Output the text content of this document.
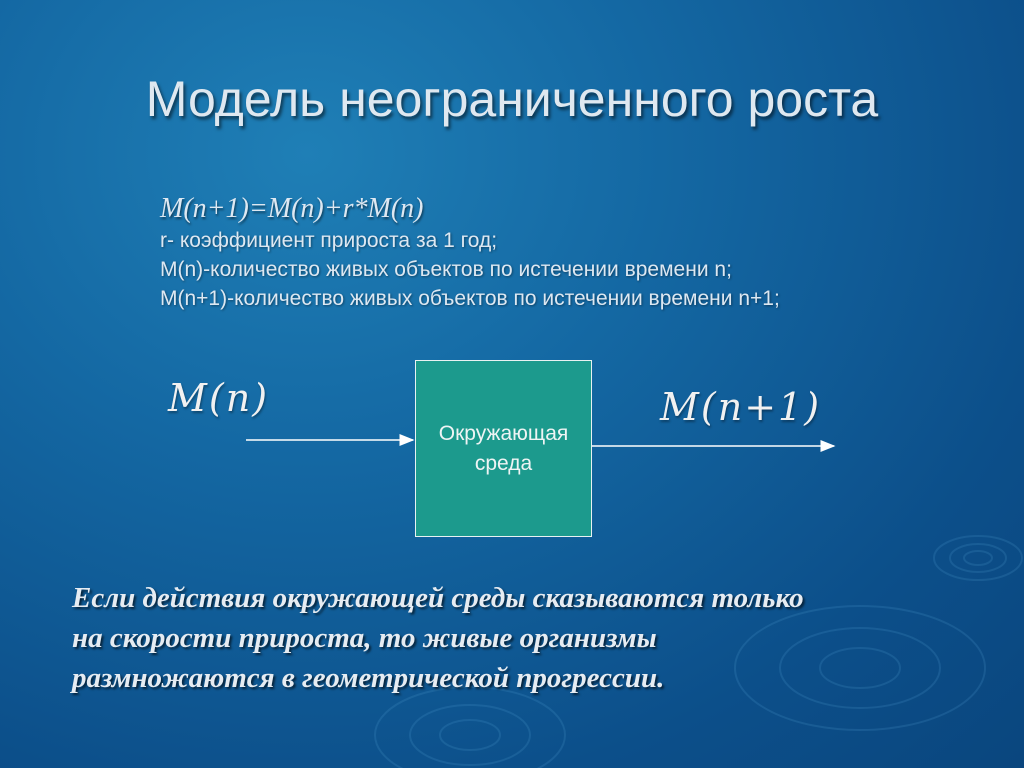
Модель неограниченного роста
M(n+1)=M(n)+r*M(n)
r- коэффициент прироста за 1 год;
M(n)-количество живых объектов по истечении времени n;
M(n+1)-количество живых объектов по истечении времени n+1;
M(n)	M(n+1)
Окружающая
среда
Если действия окружающей среды сказываются только
на скорости прироста, то живые организмы
размножаются в геометрической прогрессии.
